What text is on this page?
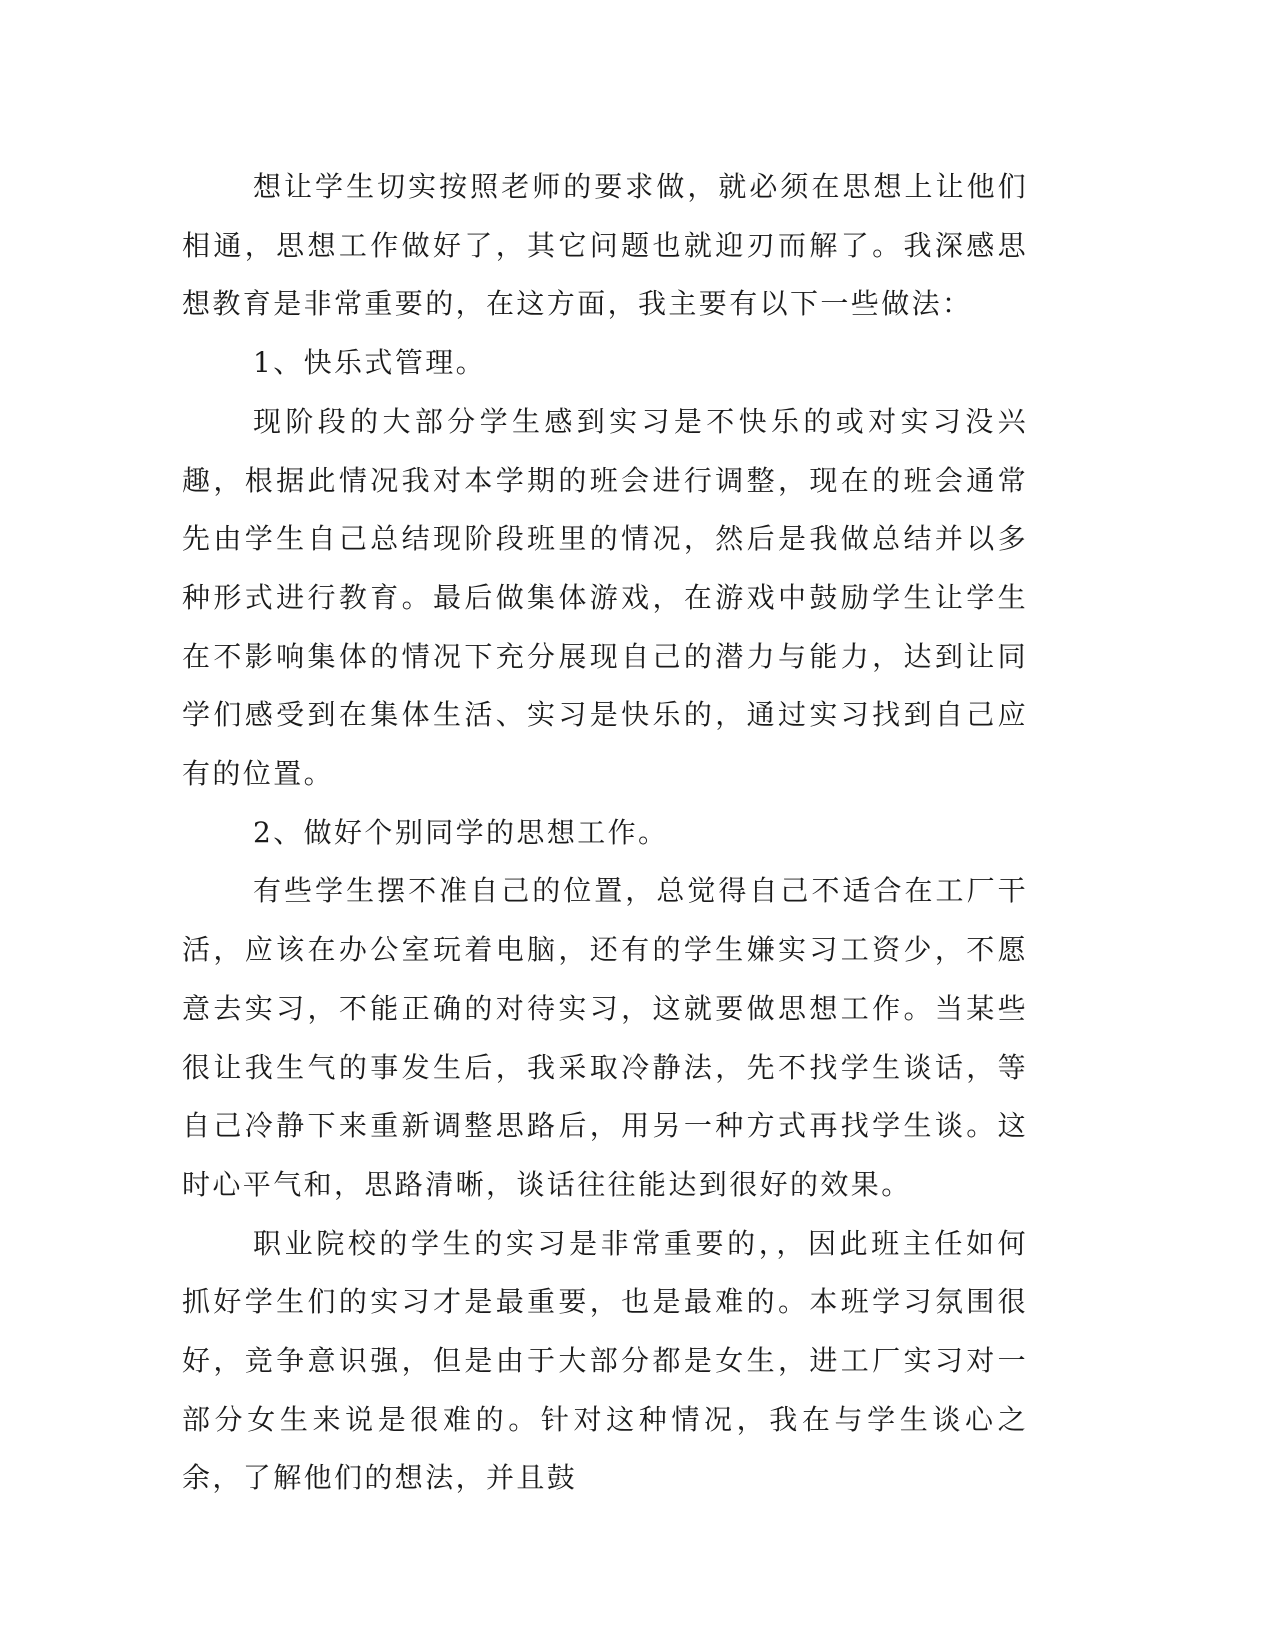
想让学生切实按照老师的要求做，就必须在思想上让他们相通，思想工作做好了，其它问题也就迎刃而解了。我深感思想教育是非常重要的，在这方面，我主要有以下一些做法：

1、快乐式管理。

现阶段的大部分学生感到实习是不快乐的或对实习没兴趣，根据此情况我对本学期的班会进行调整，现在的班会通常先由学生自己总结现阶段班里的情况，然后是我做总结并以多种形式进行教育。最后做集体游戏，在游戏中鼓励学生让学生在不影响集体的情况下充分展现自己的潜力与能力，达到让同学们感受到在集体生活、实习是快乐的，通过实习找到自己应有的位置。

2、做好个别同学的思想工作。

有些学生摆不准自己的位置，总觉得自己不适合在工厂干活，应该在办公室玩着电脑，还有的学生嫌实习工资少，不愿意去实习，不能正确的对待实习，这就要做思想工作。当某些很让我生气的事发生后，我采取冷静法，先不找学生谈话，等自己冷静下来重新调整思路后，用另一种方式再找学生谈。这时心平气和，思路清晰，谈话往往能达到很好的效果。

职业院校的学生的实习是非常重要的，，因此班主任如何抓好学生们的实习才是最重要，也是最难的。本班学习氛围很好，竞争意识强，但是由于大部分都是女生，进工厂实习对一部分女生来说是很难的。针对这种情况，我在与学生谈心之余，了解他们的想法，并且鼓
